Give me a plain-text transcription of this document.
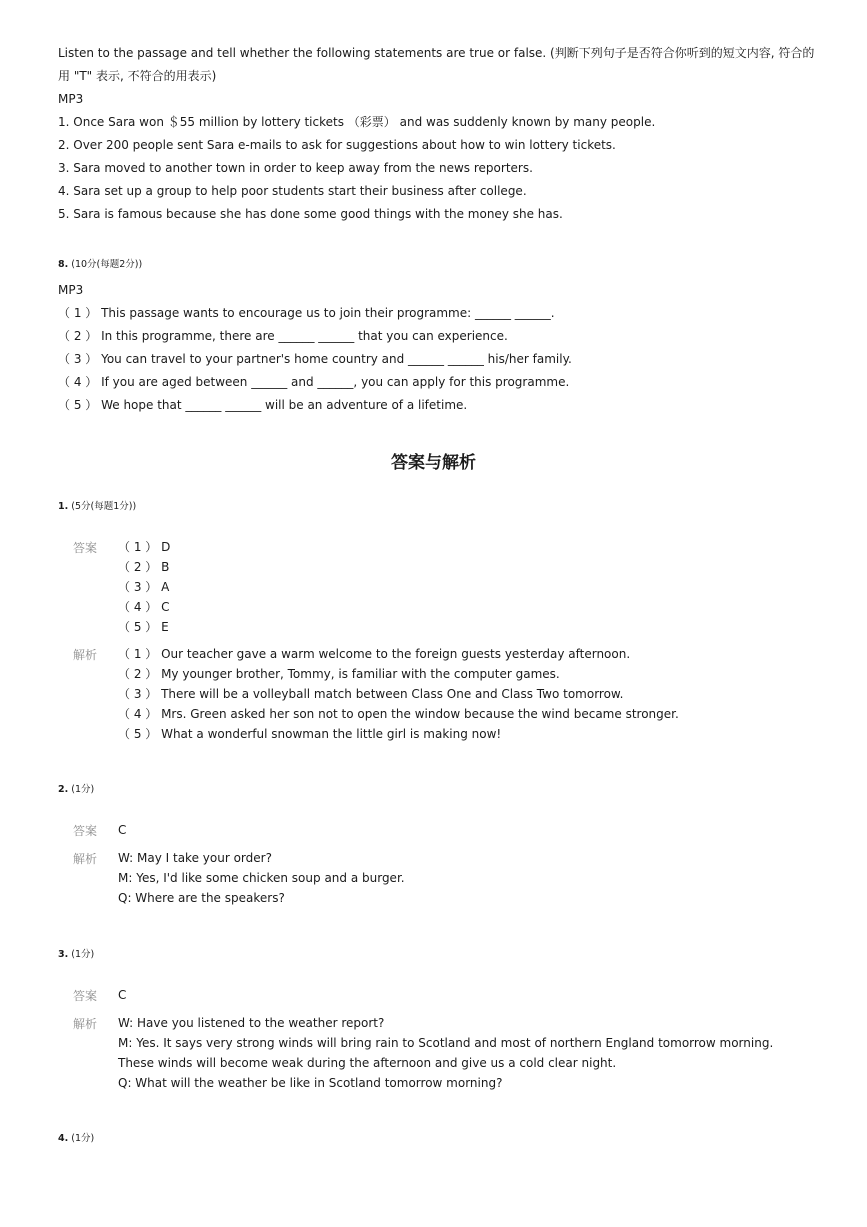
Listen to the passage and tell whether the following statements are true or false. (判断下列句子是否符合你听到的短文内容, 符合的用 "T" 表示, 不符合的用表示)
MP3
1. Once Sara won ＄55 million by lottery tickets （彩票） and was suddenly known by many people.
2. Over 200 people sent Sara e-mails to ask for suggestions about how to win lottery tickets.
3. Sara moved to another town in order to keep away from the news reporters.
4. Sara set up a group to help poor students start their business after college.
5. Sara is famous because she has done some good things with the money she has.
8. (10分(每题2分))
MP3
（ 1 ） This passage wants to encourage us to join their programme: ______ ______.
（ 2 ） In this programme, there are ______ ______ that you can experience.
（ 3 ） You can travel to your partner's home country and ______ ______ his/her family.
（ 4 ） If you are aged between ______ and ______, you can apply for this programme.
（ 5 ） We hope that ______ ______ will be an adventure of a lifetime.
答案与解析
1. (5分(每题1分))
答案 （ 1 ） D
（ 2 ） B
（ 3 ） A
（ 4 ） C
（ 5 ） E
解析 （ 1 ） Our teacher gave a warm welcome to the foreign guests yesterday afternoon.
（ 2 ） My younger brother, Tommy, is familiar with the computer games.
（ 3 ） There will be a volleyball match between Class One and Class Two tomorrow.
（ 4 ） Mrs. Green asked her son not to open the window because the wind became stronger.
（ 5 ） What a wonderful snowman the little girl is making now!
2. (1分)
答案 C
解析 W: May I take your order?
M: Yes, I'd like some chicken soup and a burger.
Q: Where are the speakers?
3. (1分)
答案 C
解析 W: Have you listened to the weather report?
M: Yes. It says very strong winds will bring rain to Scotland and most of northern England tomorrow morning. These winds will become weak during the afternoon and give us a cold clear night.
Q: What will the weather be like in Scotland tomorrow morning?
4. (1分)
